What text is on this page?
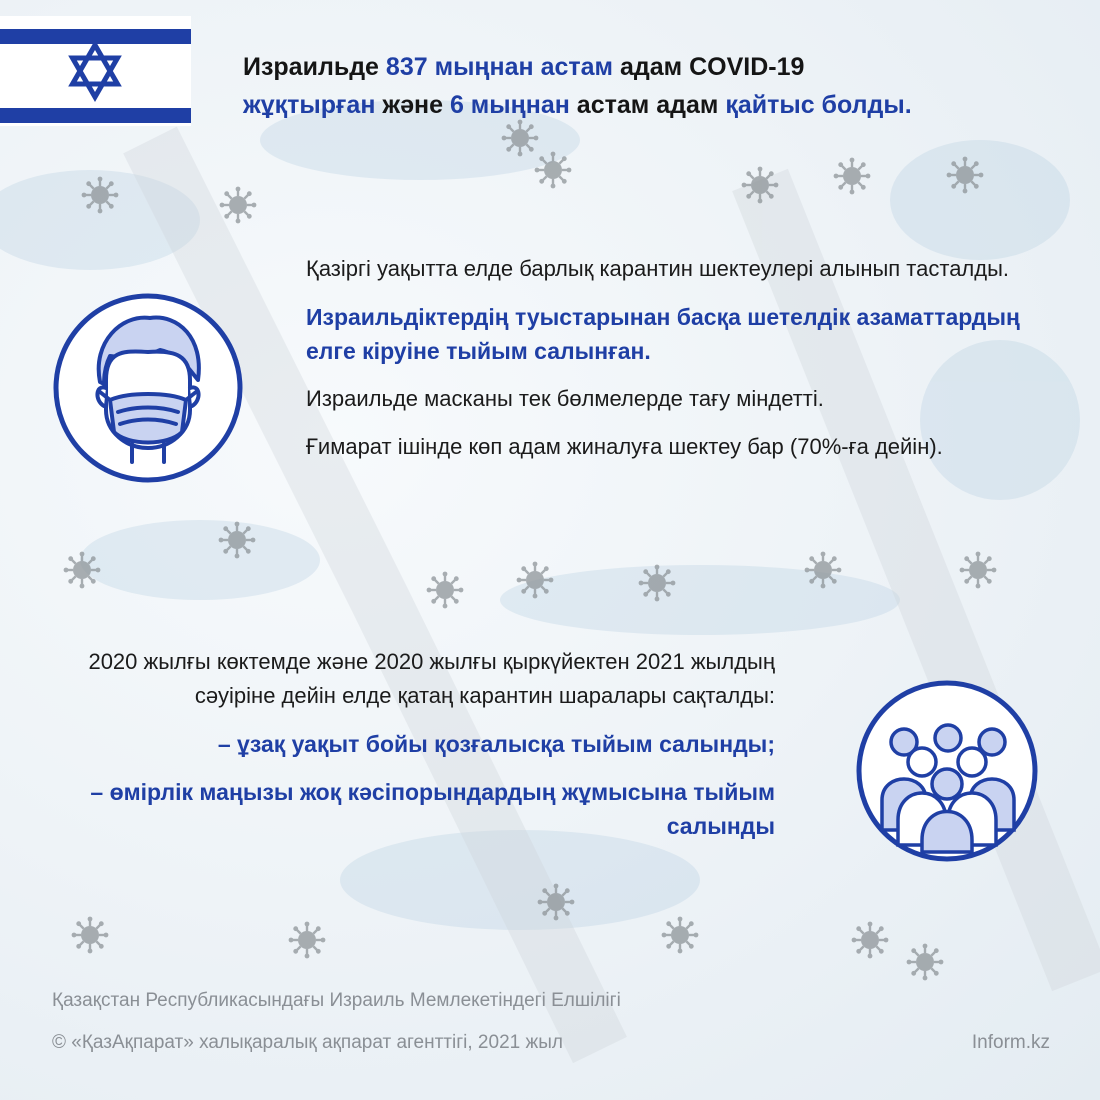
Израильде 837 мыңнан астам адам COVID-19
жұқтырған және 6 мыңнан астам адам қайтыс болды.

Қазіргі уақытта елде барлық карантин шектеулері алынып тасталды.

Израильдіктердің туыстарынан басқа шетелдік азаматтардың елге кіруіне тыйым салынған.

Израильде масканы тек бөлмелерде тағу міндетті.

Ғимарат ішінде көп адам жиналуға шектеу бар (70%-ға дейін).

2020 жылғы көктемде және 2020 жылғы қыркүйектен 2021 жылдың сәуіріне дейін елде қатаң карантин шаралары сақталды:

– ұзақ уақыт бойы қозғалысқа тыйым салынды;

– өмірлік маңызы жоқ кәсіпорындардың жұмысына тыйым салынды

Қазақстан Республикасындағы Израиль Мемлекетіндегі Елшілігі
© «ҚазАқпарат» халықаралық ақпарат агенттігі, 2021 жыл	Inform.kz
